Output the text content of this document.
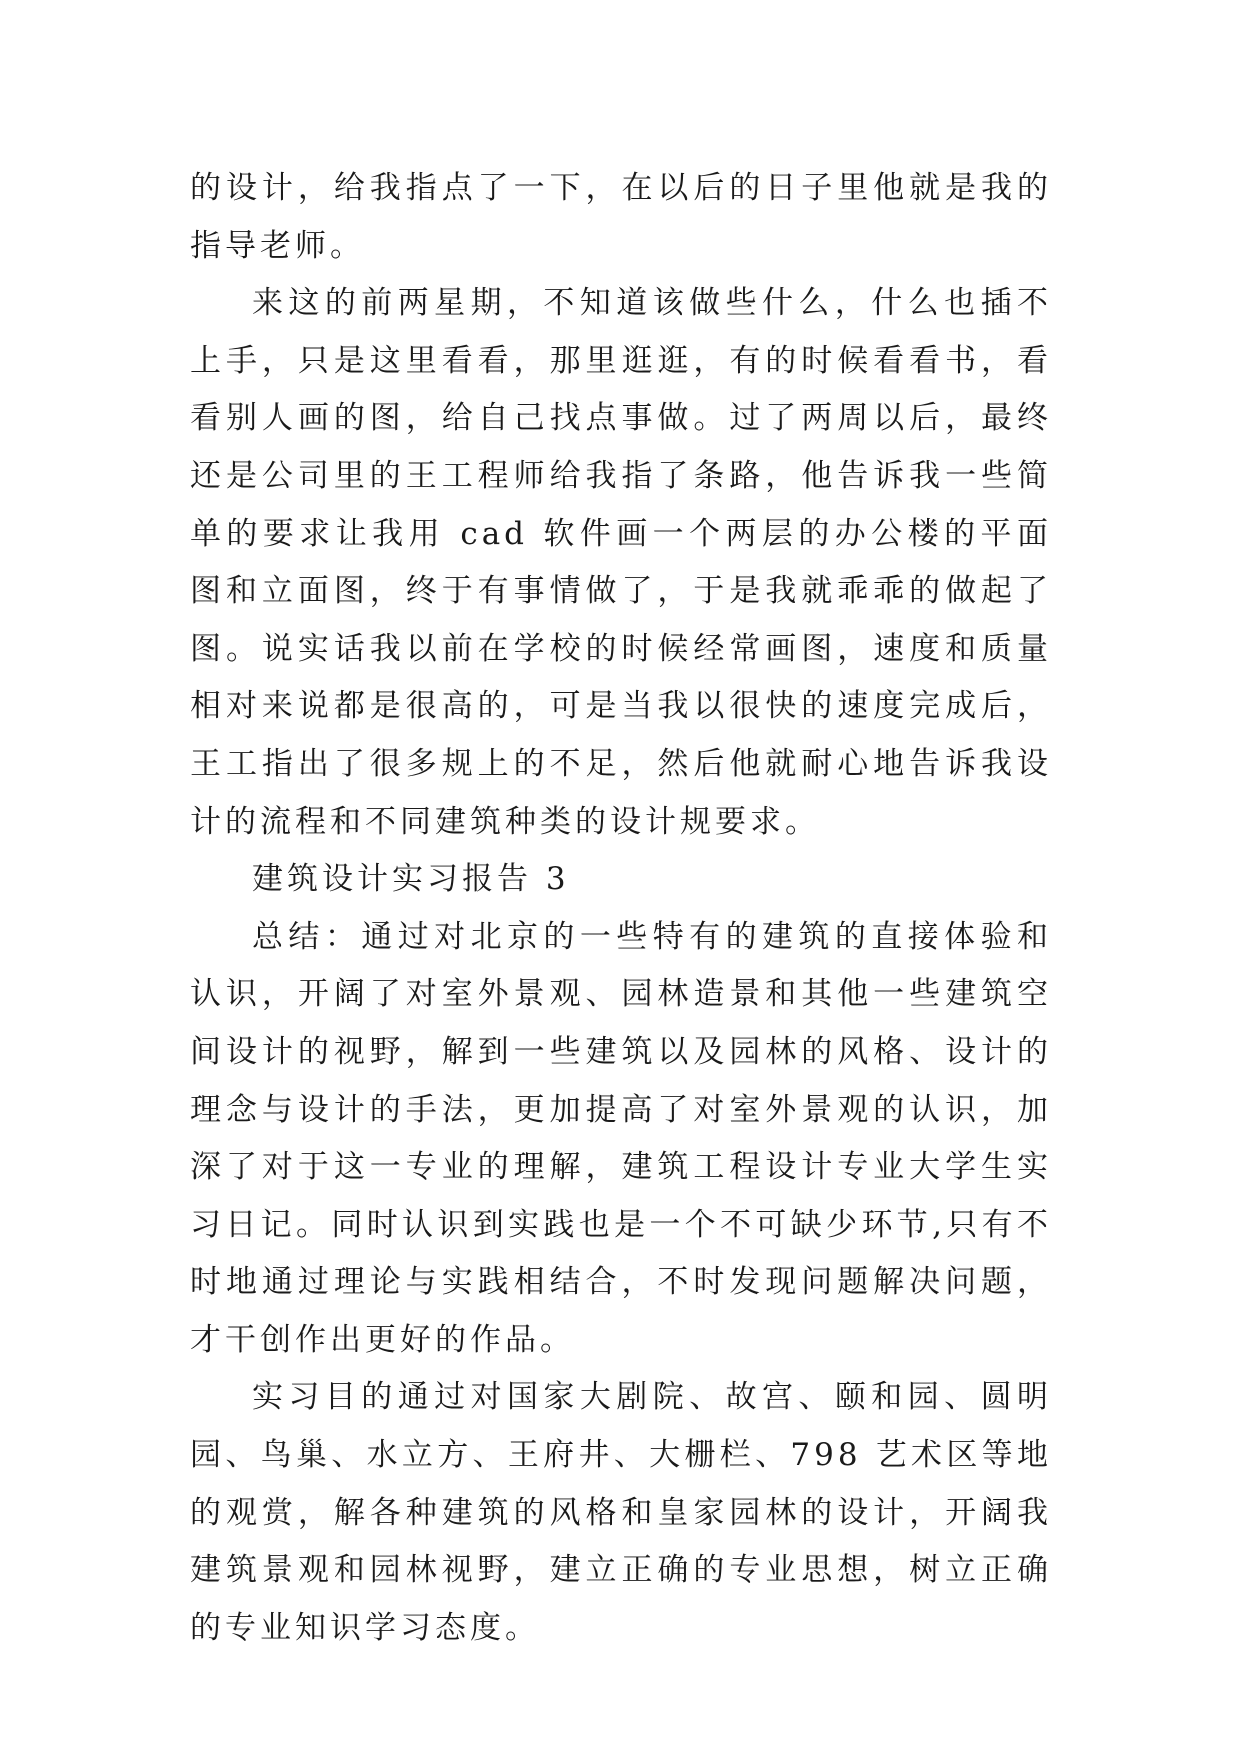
的设计，给我指点了一下，在以后的日子里他就是我的指导老师。

来这的前两星期，不知道该做些什么，什么也插不上手，只是这里看看，那里逛逛，有的时候看看书，看看别人画的图，给自己找点事做。过了两周以后，最终还是公司里的王工程师给我指了条路，他告诉我一些简单的要求让我用 cad 软件画一个两层的办公楼的平面图和立面图，终于有事情做了，于是我就乖乖的做起了图。说实话我以前在学校的时候经常画图，速度和质量相对来说都是很高的，可是当我以很快的速度完成后，王工指出了很多规上的不足，然后他就耐心地告诉我设计的流程和不同建筑种类的设计规要求。

建筑设计实习报告 3

总结：通过对北京的一些特有的建筑的直接体验和认识，开阔了对室外景观、园林造景和其他一些建筑空间设计的视野，解到一些建筑以及园林的风格、设计的理念与设计的手法，更加提高了对室外景观的认识，加深了对于这一专业的理解，建筑工程设计专业大学生实习日记。同时认识到实践也是一个不可缺少环节,只有不时地通过理论与实践相结合，不时发现问题解决问题，才干创作出更好的作品。

实习目的通过对国家大剧院、故宫、颐和园、圆明园、鸟巢、水立方、王府井、大栅栏、798 艺术区等地的观赏，解各种建筑的风格和皇家园林的设计，开阔我建筑景观和园林视野，建立正确的专业思想，树立正确的专业知识学习态度。
